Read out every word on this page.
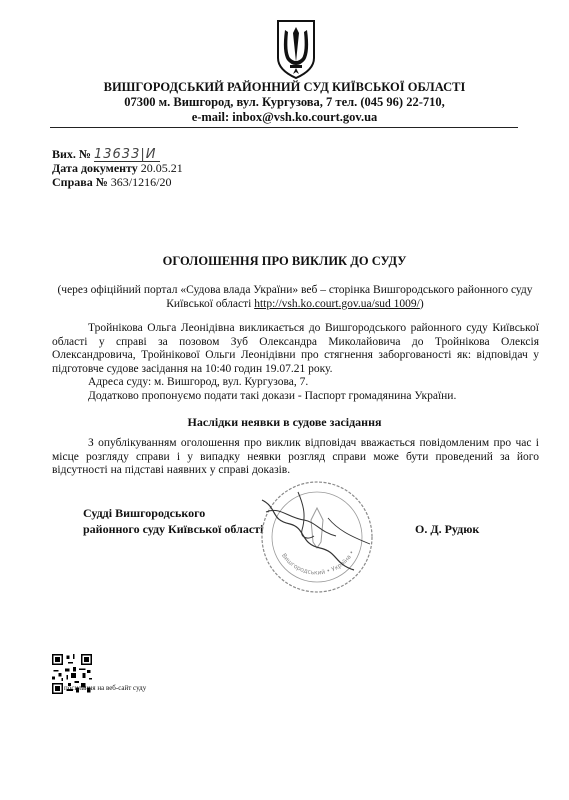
ВИШГОРОДСЬКИЙ РАЙОННИЙ СУД КИЇВСЬКОЇ ОБЛАСТІ
07300 м. Вишгород, вул. Кургузова, 7 тел. (045 96) 22-710,
e-mail: inbox@vsh.ko.court.gov.ua
Вих. № 13633|И
Дата документу 20.05.21
Справа № 363/1216/20
ОГОЛОШЕННЯ ПРО ВИКЛИК ДО СУДУ
(через офіційний портал «Судова влада України» веб – сторінка Вишгородського районного суду
Київської області http://vsh.ko.court.gov.ua/sud 1009/)
Тройнікова Ольга Леонідівна викликається до Вишгородського районного суду Київської області у справі за позовом Зуб Олександра Миколайовича до Тройнікова Олексія Олександровича, Тройнікової Ольги Леонідівни про стягнення заборгованості як: відповідач у підготовче судове засідання на 10:40 годин 19.07.21 року.
Адреса суду: м. Вишгород, вул. Кургузова, 7.
Додатково пропонуємо подати такі докази - Паспорт громадянина України.
Наслідки неявки в судове засідання
З опублікуванням оголошення про виклик відповідач вважається повідомленим про час і місце розгляду справи і у випадку неявки розгляд справи може бути проведений за його відсутності на підставі наявних у справі доказів.
Судді Вишгородського
районного суду Київської області	О. Д. Рудюк
Вишгородський • Україна •
посилання на веб-сайт суду
